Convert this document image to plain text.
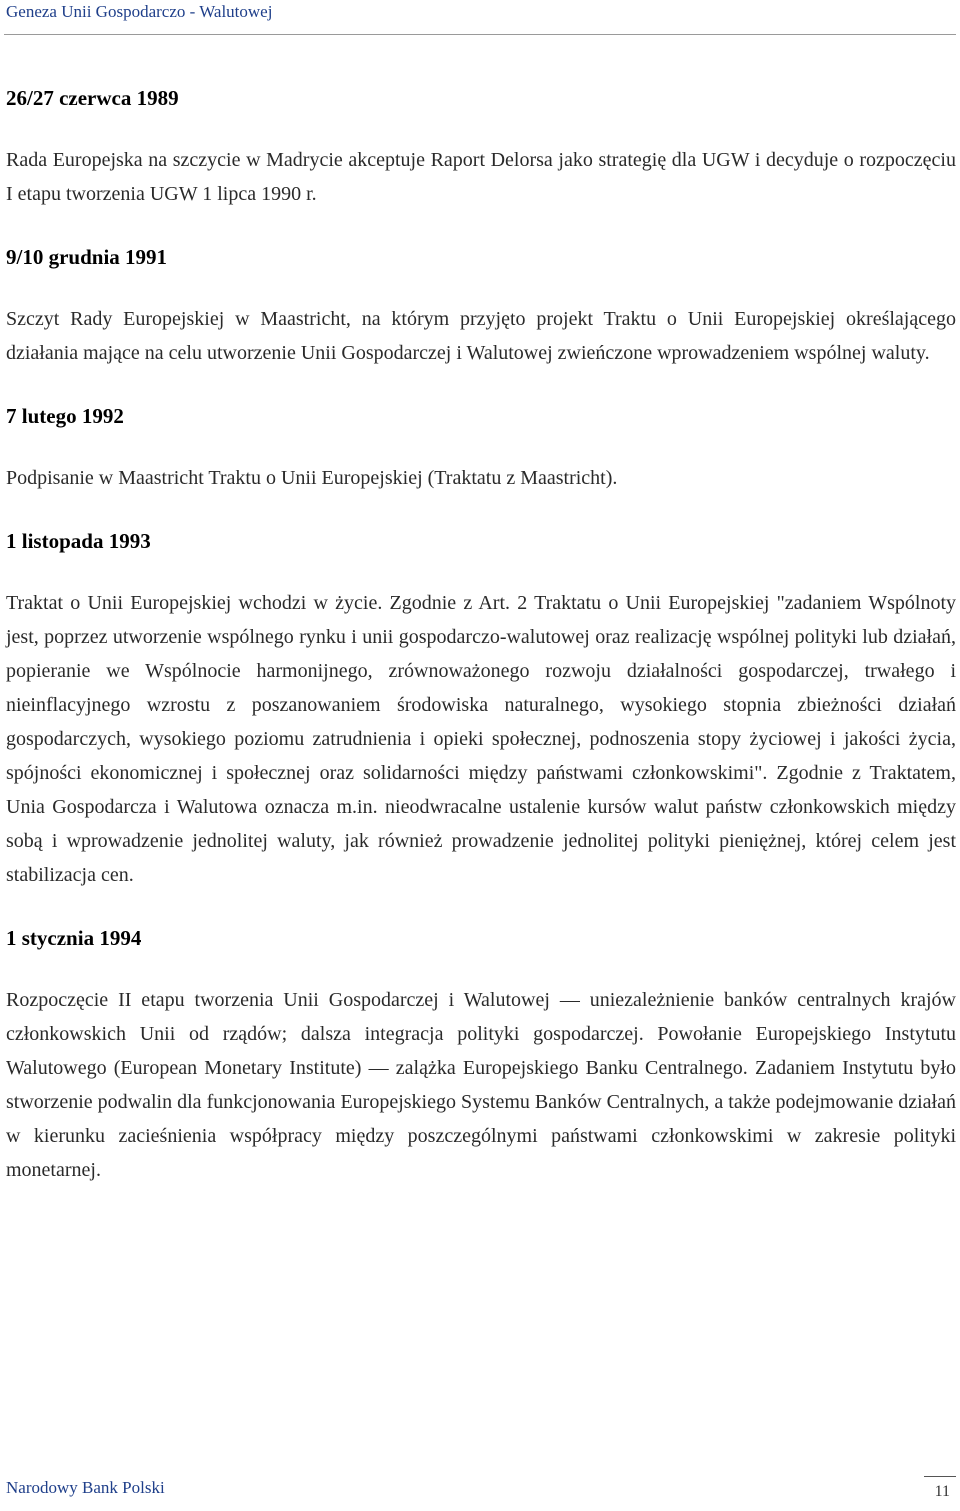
Geneza Unii Gospodarczo - Walutowej
26/27 czerwca 1989

Rada Europejska na szczycie w Madrycie akceptuje Raport Delorsa jako strategię dla UGW i decyduje o rozpoczęciu I etapu tworzenia UGW 1 lipca 1990 r.

9/10 grudnia 1991

Szczyt Rady Europejskiej w Maastricht, na którym przyjęto projekt Traktu o Unii Europejskiej określającego działania mające na celu utworzenie Unii Gospodarczej i Walutowej zwieńczone wprowadzeniem wspólnej waluty.

7 lutego 1992

Podpisanie w Maastricht Traktu o Unii Europejskiej (Traktatu z Maastricht).

1 listopada 1993

Traktat o Unii Europejskiej wchodzi w życie. Zgodnie z Art. 2 Traktatu o Unii Europejskiej "zadaniem Wspólnoty jest, poprzez utworzenie wspólnego rynku i unii gospodarczo-walutowej oraz realizację wspólnej polityki lub działań, popieranie we Wspólnocie harmonijnego, zrównoważonego rozwoju działalności gospodarczej, trwałego i nieinflacyjnego wzrostu z poszanowaniem środowiska naturalnego, wysokiego stopnia zbieżności działań gospodarczych, wysokiego poziomu zatrudnienia i opieki społecznej, podnoszenia stopy życiowej i jakości życia, spójności ekonomicznej i społecznej oraz solidarności między państwami członkowskimi". Zgodnie z Traktatem, Unia Gospodarcza i Walutowa oznacza m.in. nieodwracalne ustalenie kursów walut państw członkowskich między sobą i wprowadzenie jednolitej waluty, jak również prowadzenie jednolitej polityki pieniężnej, której celem jest stabilizacja cen.

1 stycznia 1994

Rozpoczęcie II etapu tworzenia Unii Gospodarczej i Walutowej — uniezależnienie banków centralnych krajów członkowskich Unii od rządów; dalsza integracja polityki gospodarczej. Powołanie Europejskiego Instytutu Walutowego (European Monetary Institute) — zalążka Europejskiego Banku Centralnego. Zadaniem Instytutu było stworzenie podwalin dla funkcjonowania Europejskiego Systemu Banków Centralnych, a także podejmowanie działań w kierunku zacieśnienia współpracy między poszczególnymi państwami członkowskimi w zakresie polityki monetarnej.

Narodowy Bank Polski	11
